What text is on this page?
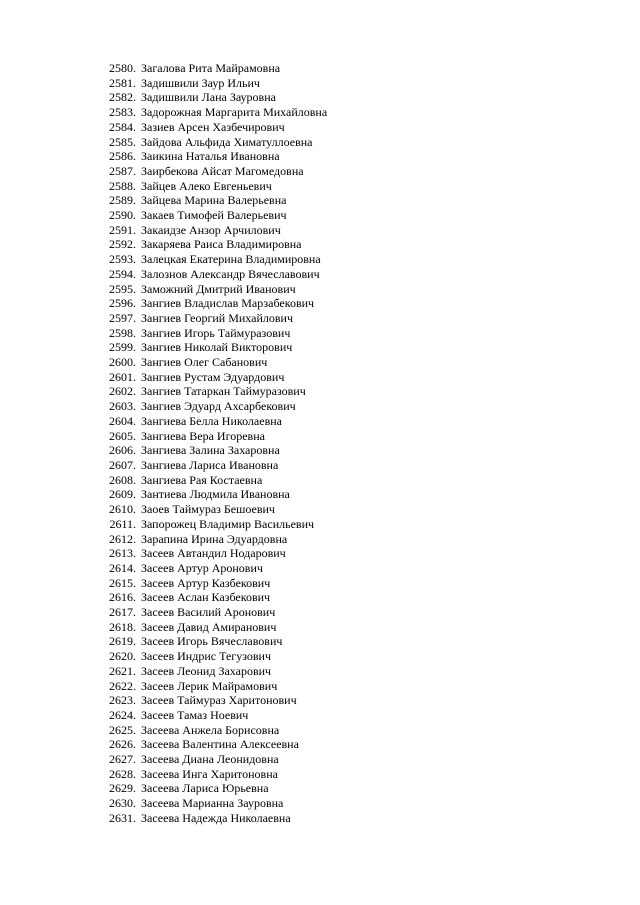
2580. Загалова Рита Майрамовна
2581. Задишвили Заур Ильич
2582. Задишвили Лана Зауровна
2583. Задорожная Маргарита Михайловна
2584. Зазиев Арсен Хазбечирович
2585. Зайдова Альфида Химатуллоевна
2586. Заикина Наталья Ивановна
2587. Заирбекова Айсат Магомедовна
2588. Зайцев Алеко Евгеньевич
2589. Зайцева Марина Валерьевна
2590. Закаев Тимофей Валерьевич
2591. Закаидзе Анзор Арчилович
2592. Закаряева Раиса Владимировна
2593. Залецкая Екатерина Владимировна
2594. Залознов Александр Вячеславович
2595. Заможний Дмитрий Иванович
2596. Зангиев Владислав Марзабекович
2597. Зангиев Георгий Михайлович
2598. Зангиев Игорь Таймуразович
2599. Зангиев Николай Викторович
2600. Зангиев Олег Сабанович
2601. Зангиев Рустам Эдуардович
2602. Зангиев Татаркан Таймуразович
2603. Зангиев Эдуард Ахсарбекович
2604. Зангиева Белла Николаевна
2605. Зангиева Вера Игоревна
2606. Зангиева Залина Захаровна
2607. Зангиева Лариса Ивановна
2608. Зангиева Рая Костаевна
2609. Зантиева Людмила Ивановна
2610. Заоев Таймураз Бешоевич
2611. Запорожец Владимир Васильевич
2612. Зарапина Ирина Эдуардовна
2613. Засеев Автандил Нодарович
2614. Засеев Артур Аронович
2615. Засеев Артур Казбекович
2616. Засеев Аслан Казбекович
2617. Засеев Василий Аронович
2618. Засеев Давид Амиранович
2619. Засеев Игорь Вячеславович
2620. Засеев Индрис Тегузович
2621. Засеев Леонид Захарович
2622. Засеев Лерик Майрамович
2623. Засеев Таймураз Харитонович
2624. Засеев Тамаз Ноевич
2625. Засеева Анжела Борисовна
2626. Засеева Валентина Алексеевна
2627. Засеева Диана Леонидовна
2628. Засеева Инга Харитоновна
2629. Засеева Лариса Юрьевна
2630. Засеева Марианна Зауровна
2631. Засеева Надежда Николаевна
